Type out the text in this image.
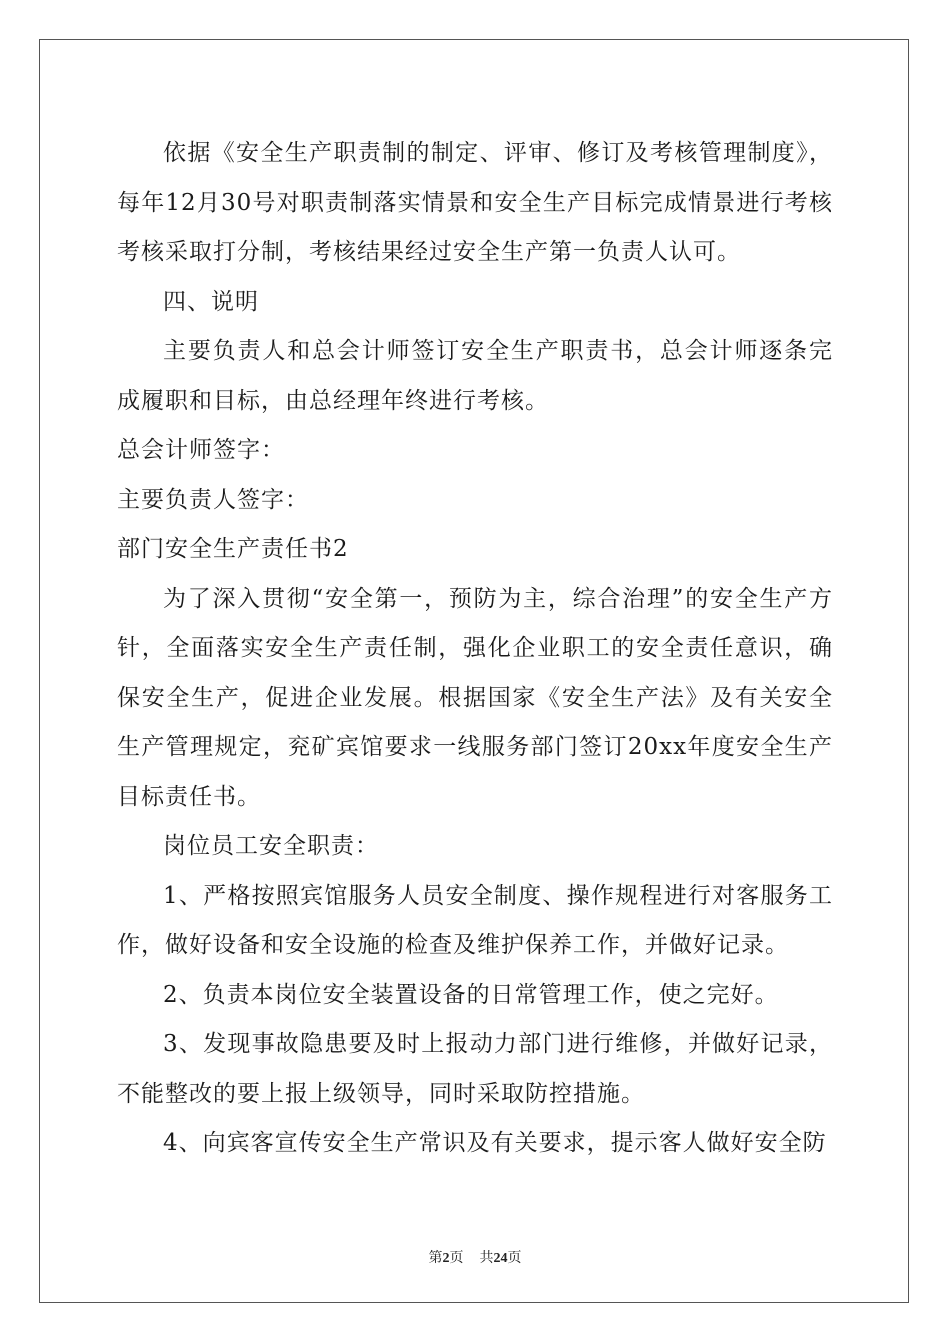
依据《安全生产职责制的制定、评审、修订及考核管理制度》，每年12月30号对职责制落实情景和安全生产目标完成情景进行考核考核采取打分制，考核结果经过安全生产第一负责人认可。

四、说明

主要负责人和总会计师签订安全生产职责书，总会计师逐条完成履职和目标，由总经理年终进行考核。

总会计师签字：

主要负责人签字：

部门安全生产责任书2

为了深入贯彻“安全第一，预防为主，综合治理”的安全生产方针，全面落实安全生产责任制，强化企业职工的安全责任意识，确保安全生产，促进企业发展。根据国家《安全生产法》及有关安全生产管理规定，兖矿宾馆要求一线服务部门签订20xx年度安全生产目标责任书。

岗位员工安全职责：

1、严格按照宾馆服务人员安全制度、操作规程进行对客服务工作，做好设备和安全设施的检查及维护保养工作，并做好记录。

2、负责本岗位安全装置设备的日常管理工作，使之完好。

3、发现事故隐患要及时上报动力部门进行维修，并做好记录，不能整改的要上报上级领导，同时采取防控措施。

4、向宾客宣传安全生产常识及有关要求，提示客人做好安全防

第2页 共24页
